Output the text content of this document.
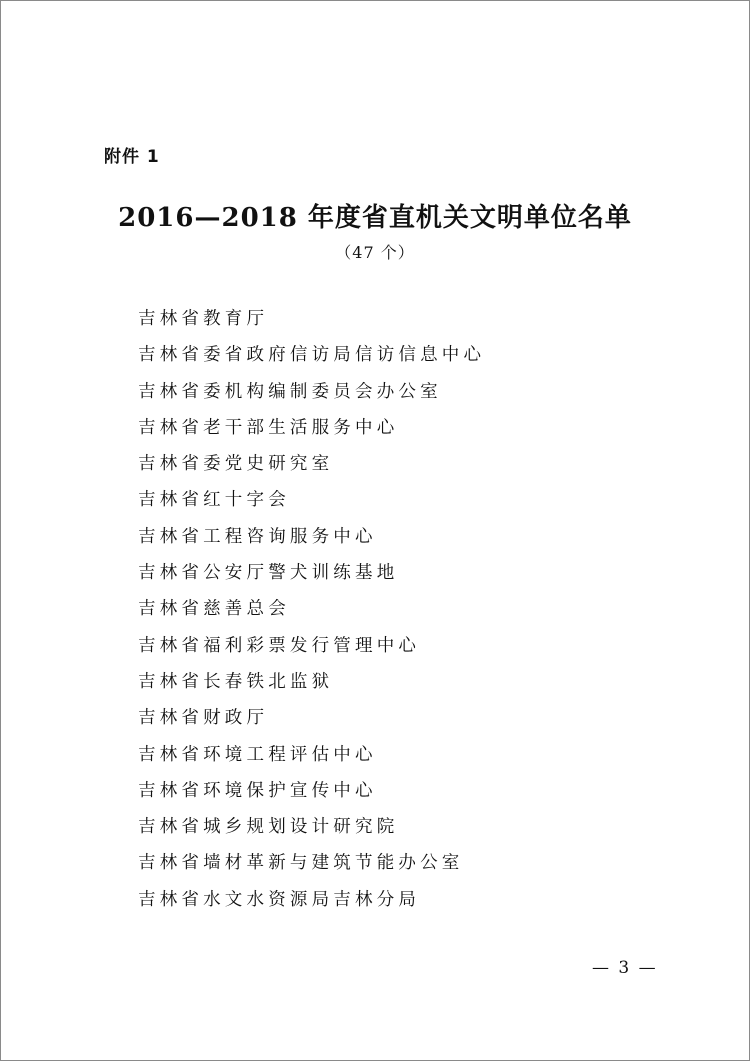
附件 1
2016—2018 年度省直机关文明单位名单
（47 个）
吉林省教育厅
吉林省委省政府信访局信访信息中心
吉林省委机构编制委员会办公室
吉林省老干部生活服务中心
吉林省委党史研究室
吉林省红十字会
吉林省工程咨询服务中心
吉林省公安厅警犬训练基地
吉林省慈善总会
吉林省福利彩票发行管理中心
吉林省长春铁北监狱
吉林省财政厅
吉林省环境工程评估中心
吉林省环境保护宣传中心
吉林省城乡规划设计研究院
吉林省墙材革新与建筑节能办公室
吉林省水文水资源局吉林分局
— 3 —
